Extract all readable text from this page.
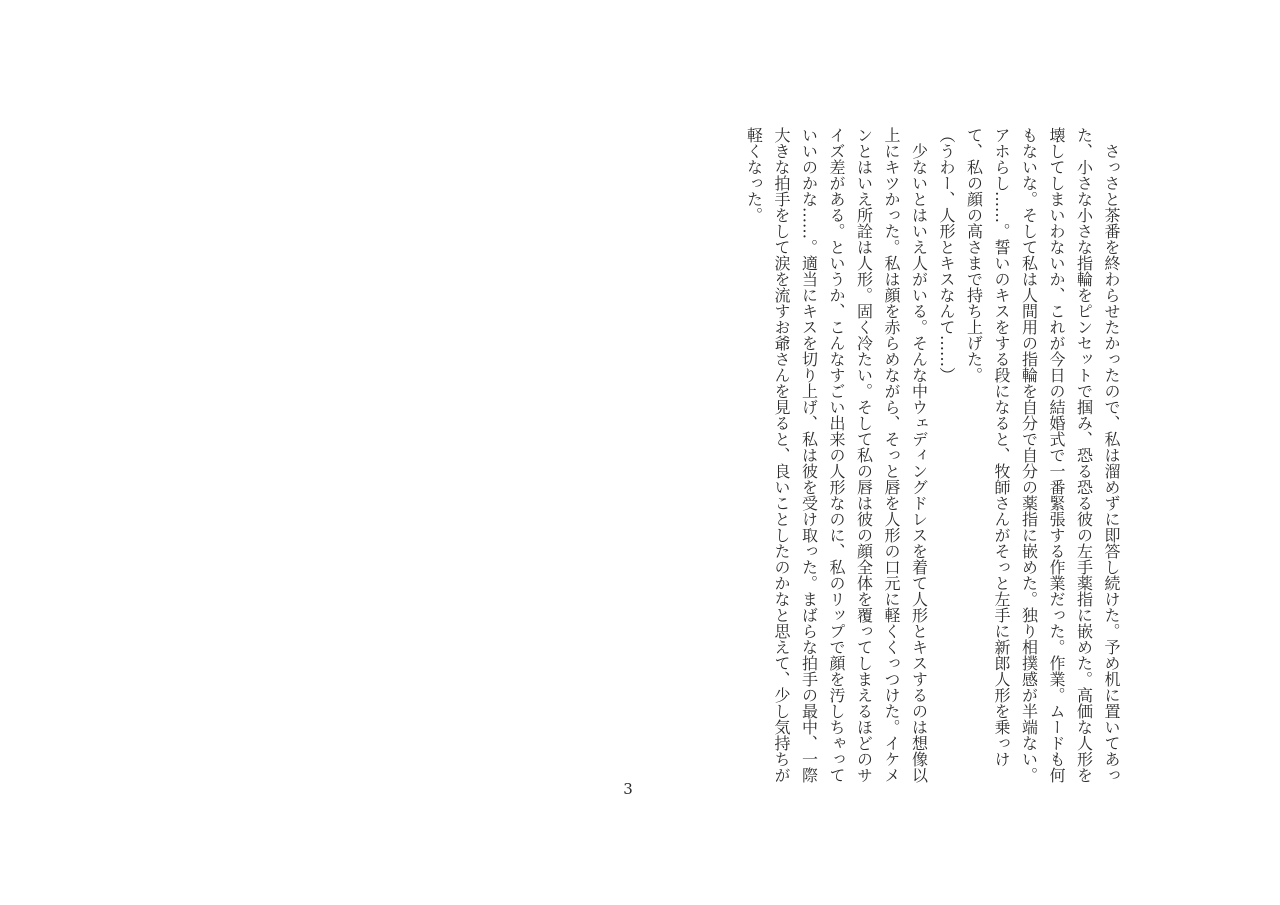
さっさと茶番を終わらせたかったので、私は溜めずに即答し続けた。予め机に置いてあった、小さな小さな指輪をピンセットで掴み、恐る恐る彼の左手薬指に嵌めた。高価な人形を壊してしまいわないか、これが今日の結婚式で一番緊張する作業だった。作業。ムードも何もないな。そして私は人間用の指輪を自分で自分の薬指に嵌めた。独り相撲感が半端ない。アホらし……。誓いのキスをする段になると、牧師さんがそっと左手に新郎人形を乗っけて、私の顔の高さまで持ち上げた。

（うわー、人形とキスなんて……）

少ないとはいえ人がいる。そんな中ウェディングドレスを着て人形とキスするのは想像以上にキツかった。私は顔を赤らめながら、そっと唇を人形の口元に軽くくっつけた。イケメンとはいえ所詮は人形。固く冷たい。そして私の唇は彼の顔全体を覆ってしまえるほどのサイズ差がある。というか、こんなすごい出来の人形なのに、私のリップで顔を汚しちゃっていいのかな……。適当にキスを切り上げ、私は彼を受け取った。まばらな拍手の最中、一際大きな拍手をして涙を流すお爺さんを見ると、良いことしたのかなと思えて、少し気持ちが軽くなった。

3
